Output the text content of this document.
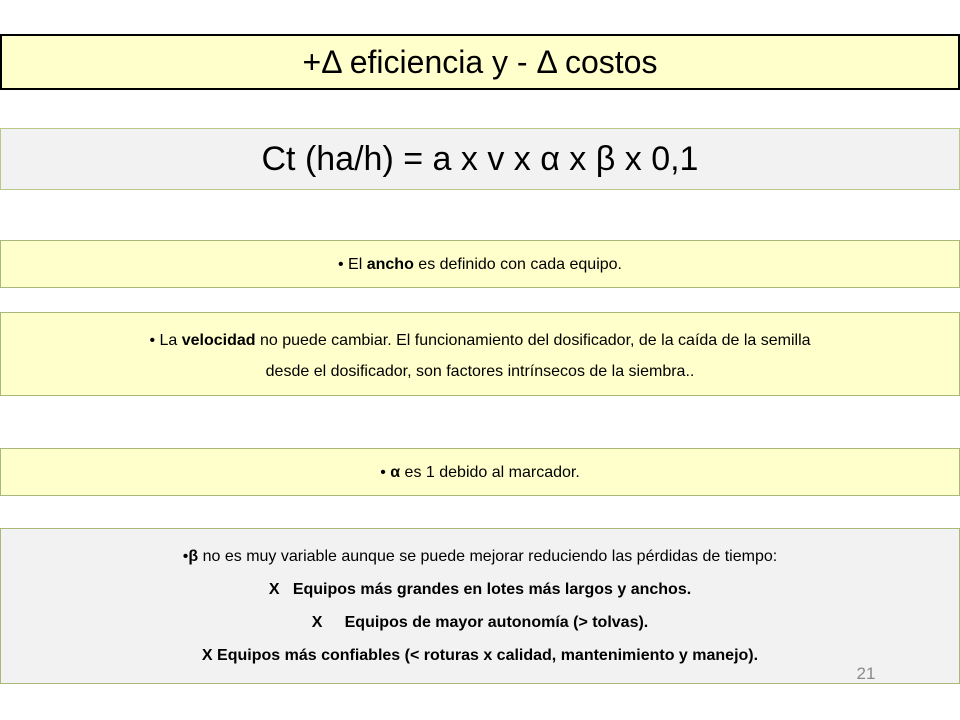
+Δ eficiencia y - Δ costos
Ct (ha/h) = a x v x α x β x 0,1
• El ancho es definido con cada equipo.
• La velocidad no puede cambiar. El funcionamiento del dosificador, de la caída de la semilla
desde el dosificador, son factores intrínsecos de la siembra..
• α es 1 debido al marcador.
•β no es muy variable aunque se puede mejorar reduciendo las pérdidas de tiempo:
X   Equipos más grandes en lotes más largos y anchos.
X     Equipos de mayor autonomía (> tolvas).
X Equipos más confiables (< roturas x calidad, mantenimiento y manejo).
21
